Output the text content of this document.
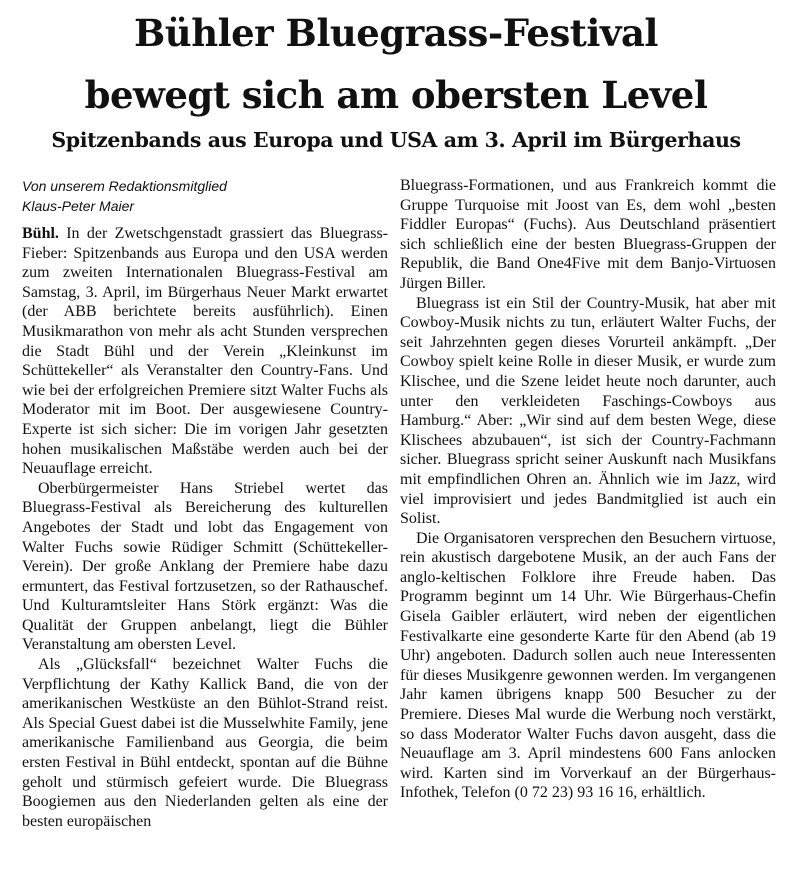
Bühler Bluegrass-Festival
bewegt sich am obersten Level
Spitzenbands aus Europa und USA am 3. April im Bürgerhaus
Von unserem Redaktionsmitglied
Klaus-Peter Maier

Bühl. In der Zwetschgenstadt grassiert das Bluegrass-Fieber: Spitzenbands aus Europa und den USA werden zum zweiten Internationalen Bluegrass-Festival am Samstag, 3. April, im Bürgerhaus Neuer Markt erwartet (der ABB berichtete bereits ausführlich). Einen Musikmarathon von mehr als acht Stunden versprechen die Stadt Bühl und der Verein „Kleinkunst im Schüttekeller“ als Veranstalter den Country-Fans. Und wie bei der erfolgreichen Premiere sitzt Walter Fuchs als Moderator mit im Boot. Der ausgewiesene Country-Experte ist sich sicher: Die im vorigen Jahr gesetzten hohen musikalischen Maßstäbe werden auch bei der Neuauflage erreicht.

Oberbürgermeister Hans Striebel wertet das Bluegrass-Festival als Bereicherung des kulturellen Angebotes der Stadt und lobt das Engagement von Walter Fuchs sowie Rüdiger Schmitt (Schüttekeller-Verein). Der große Anklang der Premiere habe dazu ermuntert, das Festival fortzusetzen, so der Rathauschef. Und Kulturamtsleiter Hans Störk ergänzt: Was die Qualität der Gruppen anbelangt, liegt die Bühler Veranstaltung am obersten Level.

Als „Glücksfall“ bezeichnet Walter Fuchs die Verpflichtung der Kathy Kallick Band, die von der amerikanischen Westküste an den Bühlot-Strand reist. Als Special Guest dabei ist die Musselwhite Family, jene amerikanische Familienband aus Georgia, die beim ersten Festival in Bühl entdeckt, spontan auf die Bühne geholt und stürmisch gefeiert wurde. Die Bluegrass Boogiemen aus den Niederlanden gelten als eine der besten europäischen

Bluegrass-Formationen, und aus Frankreich kommt die Gruppe Turquoise mit Joost van Es, dem wohl „besten Fiddler Europas“ (Fuchs). Aus Deutschland präsentiert sich schließlich eine der besten Bluegrass-Gruppen der Republik, die Band One4Five mit dem Banjo-Virtuosen Jürgen Biller.

Bluegrass ist ein Stil der Country-Musik, hat aber mit Cowboy-Musik nichts zu tun, erläutert Walter Fuchs, der seit Jahrzehnten gegen dieses Vorurteil ankämpft. „Der Cowboy spielt keine Rolle in dieser Musik, er wurde zum Klischee, und die Szene leidet heute noch darunter, auch unter den verkleideten Faschings-Cowboys aus Hamburg.“ Aber: „Wir sind auf dem besten Wege, diese Klischees abzubauen“, ist sich der Country-Fachmann sicher. Bluegrass spricht seiner Auskunft nach Musikfans mit empfindlichen Ohren an. Ähnlich wie im Jazz, wird viel improvisiert und jedes Bandmitglied ist auch ein Solist.

Die Organisatoren versprechen den Besuchern virtuose, rein akustisch dargebotene Musik, an der auch Fans der anglo-keltischen Folklore ihre Freude haben. Das Programm beginnt um 14 Uhr. Wie Bürgerhaus-Chefin Gisela Gaibler erläutert, wird neben der eigentlichen Festivalkarte eine gesonderte Karte für den Abend (ab 19 Uhr) angeboten. Dadurch sollen auch neue Interessenten für dieses Musikgenre gewonnen werden. Im vergangenen Jahr kamen übrigens knapp 500 Besucher zu der Premiere. Dieses Mal wurde die Werbung noch verstärkt, so dass Moderator Walter Fuchs davon ausgeht, dass die Neuauflage am 3. April mindestens 600 Fans anlocken wird. Karten sind im Vorverkauf an der Bürgerhaus-Infothek, Telefon (0 72 23) 93 16 16, erhältlich.
